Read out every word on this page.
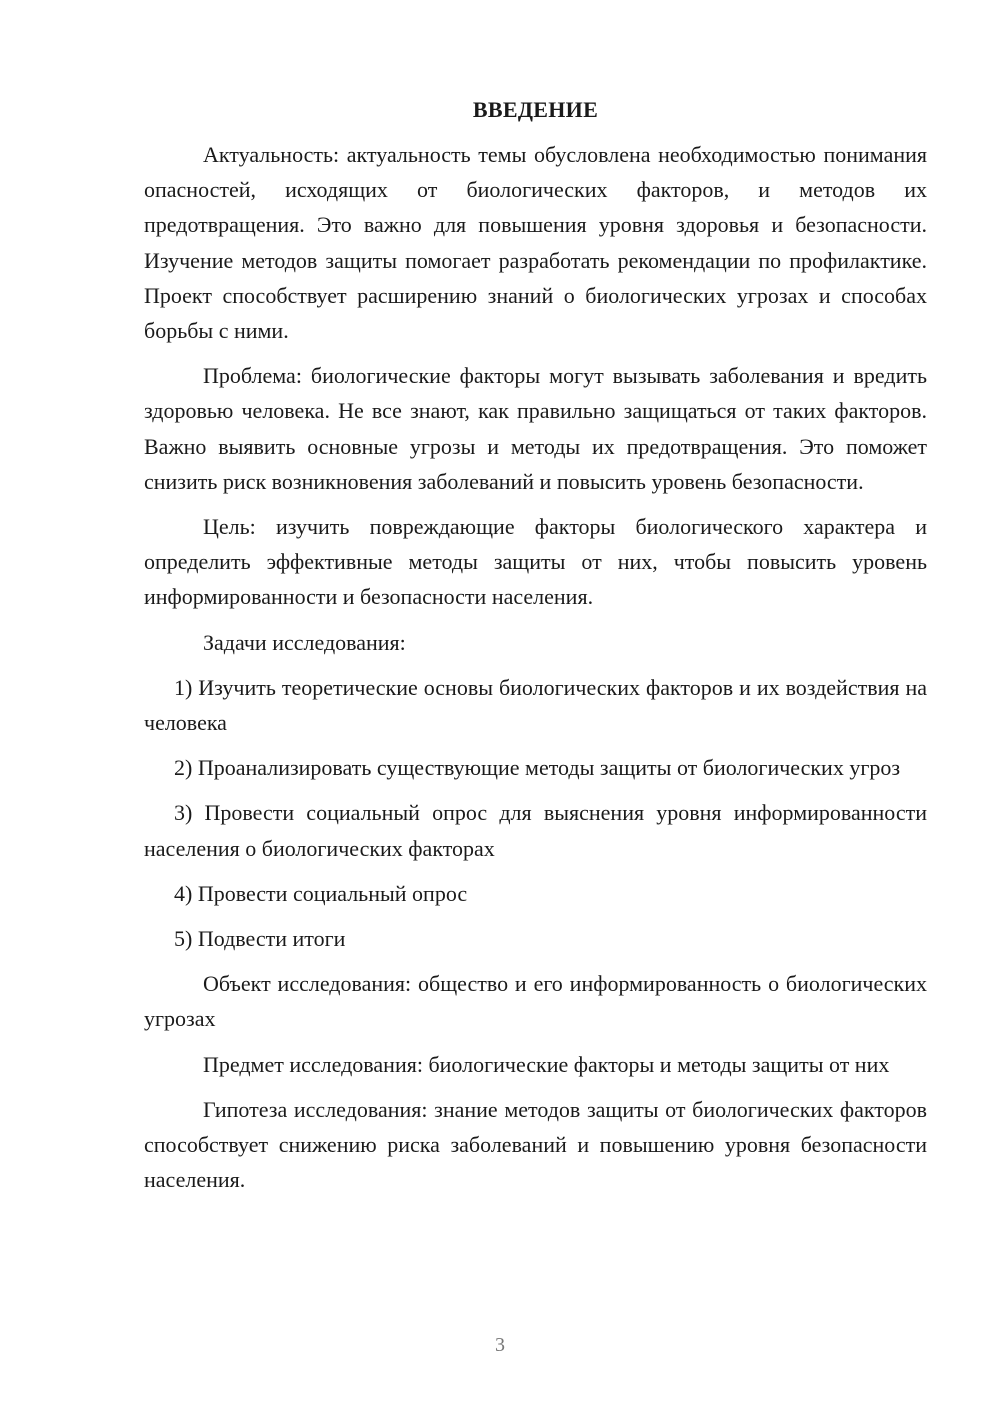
ВВЕДЕНИЕ

Актуальность: актуальность темы обусловлена необходимостью понимания опасностей, исходящих от биологических факторов, и методов их предотвращения. Это важно для повышения уровня здоровья и безопасности. Изучение методов защиты помогает разработать рекомендации по профилактике. Проект способствует расширению знаний о биологических угрозах и способах борьбы с ними.

Проблема: биологические факторы могут вызывать заболевания и вредить здоровью человека. Не все знают, как правильно защищаться от таких факторов. Важно выявить основные угрозы и методы их предотвращения. Это поможет снизить риск возникновения заболеваний и повысить уровень безопасности.

Цель: изучить повреждающие факторы биологического характера и определить эффективные методы защиты от них, чтобы повысить уровень информированности и безопасности населения.

Задачи исследования:

1) Изучить теоретические основы биологических факторов и их воздействия на человека

2) Проанализировать существующие методы защиты от биологических угроз

3) Провести социальный опрос для выяснения уровня информированности населения о биологических факторах

4) Провести социальный опрос

5) Подвести итоги

Объект исследования: общество и его информированность о биологических угрозах

Предмет исследования: биологические факторы и методы защиты от них

Гипотеза исследования: знание методов защиты от биологических факторов способствует снижению риска заболеваний и повышению уровня безопасности населения.

3
